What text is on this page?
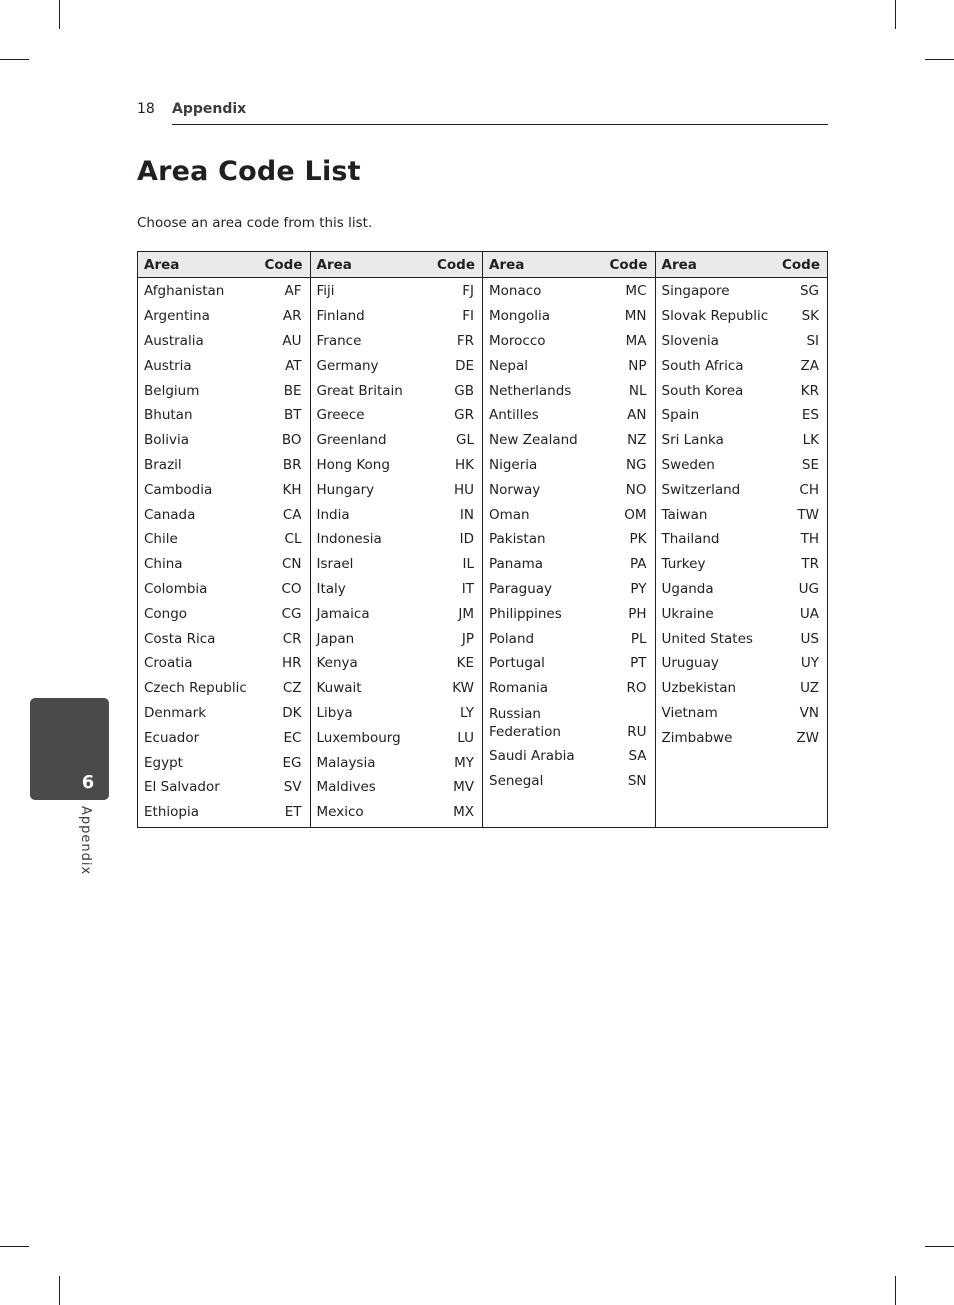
18 Appendix
Area Code List
Choose an area code from this list.
Area	Code
Afghanistan	AF
Argentina	AR
Australia	AU
Austria	AT
Belgium	BE
Bhutan	BT
Bolivia	BO
Brazil	BR
Cambodia	KH
Canada	CA
Chile	CL
China	CN
Colombia	CO
Congo	CG
Costa Rica	CR
Croatia	HR
Czech Republic	CZ
Denmark	DK
Ecuador	EC
Egypt	EG
El Salvador	SV
Ethiopia	ET
Area	Code
Fiji	FJ
Finland	FI
France	FR
Germany	DE
Great Britain	GB
Greece	GR
Greenland	GL
Hong Kong	HK
Hungary	HU
India	IN
Indonesia	ID
Israel	IL
Italy	IT
Jamaica	JM
Japan	JP
Kenya	KE
Kuwait	KW
Libya	LY
Luxembourg	LU
Malaysia	MY
Maldives	MV
Mexico	MX
Area	Code
Monaco	MC
Mongolia	MN
Morocco	MA
Nepal	NP
Netherlands	NL
Antilles	AN
New Zealand	NZ
Nigeria	NG
Norway	NO
Oman	OM
Pakistan	PK
Panama	PA
Paraguay	PY
Philippines	PH
Poland	PL
Portugal	PT
Romania	RO
Russian
Federation	RU
Saudi Arabia	SA
Senegal	SN
Area	Code
Singapore	SG
Slovak Republic SK
Slovenia	SI
South Africa	ZA
South Korea	KR
Spain	ES
Sri Lanka	LK
Sweden	SE
Switzerland	CH
Taiwan	TW
Thailand	TH
Turkey	TR
Uganda	UG
Ukraine	UA
United States	US
Uruguay	UY
Uzbekistan	UZ
Vietnam	VN
Zimbabwe	ZW
6
Appendix
